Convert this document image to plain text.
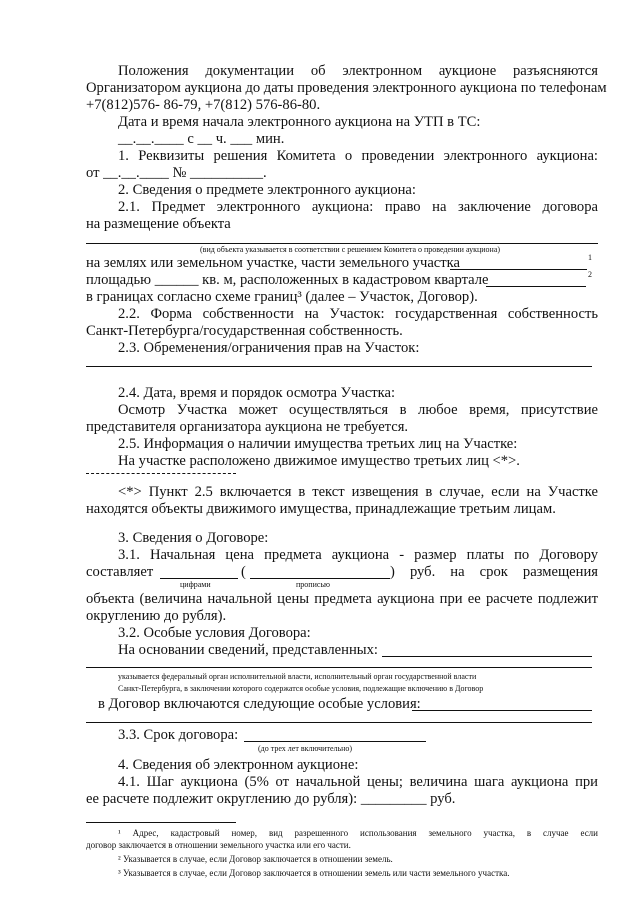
Положения документации об электронном аукционе разъясняются
Организатором аукциона до даты проведения электронного аукциона по телефонам
+7(812)576- 86-79, +7(812) 576-86-80.
Дата и время начала электронного аукциона на УТП в ТС:
__.__.____ с __ ч. ___ мин.
1. Реквизиты решения Комитета о проведении электронного аукциона:
от __.__.____ № __________.
2. Сведения о предмете электронного аукциона:
2.1. Предмет электронного аукциона: право на заключение договора
на размещение объекта
(вид объекта указывается в соответствии с решением Комитета о проведении аукциона)
на землях или земельном участке, части земельного участка	1
площадью ______ кв. м, расположенных в кадастровом квартале	2
в границах согласно схеме границ³ (далее – Участок, Договор).
2.2. Форма собственности на Участок: государственная собственность
Санкт-Петербурга/государственная собственность.
2.3. Обременения/ограничения прав на Участок:
2.4. Дата, время и порядок осмотра Участка:
Осмотр Участка может осуществляться в любое время, присутствие
представителя организатора аукциона не требуется.
2.5. Информация о наличии имущества третьих лиц на Участке:
На участке расположено движимое имущество третьих лиц <*>.
<*> Пункт 2.5 включается в текст извещения в случае, если на Участке
находятся объекты движимого имущества, принадлежащие третьим лицам.
3. Сведения о Договоре:
3.1. Начальная цена предмета аукциона - размер платы по Договору
составляет	(	) руб. на срок размещения
цифрами	прописью
объекта (величина начальной цены предмета аукциона при ее расчете подлежит
округлению до рубля).
3.2. Особые условия Договора:
На основании сведений, представленных:
указывается федеральный орган исполнительной власти, исполнительный орган государственной власти
Санкт-Петербурга, в заключении которого содержатся особые условия, подлежащие включению в Договор
в Договор включаются следующие особые условия:
3.3. Срок договора:
(до трех лет включительно)
4. Сведения об электронном аукционе:
4.1. Шаг аукциона (5% от начальной цены; величина шага аукциона при
ее расчете подлежит округлению до рубля): _________ руб.
¹ Адрес, кадастровый номер, вид разрешенного использования земельного участка, в случае если
договор заключается в отношении земельного участка или его части.
² Указывается в случае, если Договор заключается в отношении земель.
³ Указывается в случае, если Договор заключается в отношении земель или части земельного участка.
